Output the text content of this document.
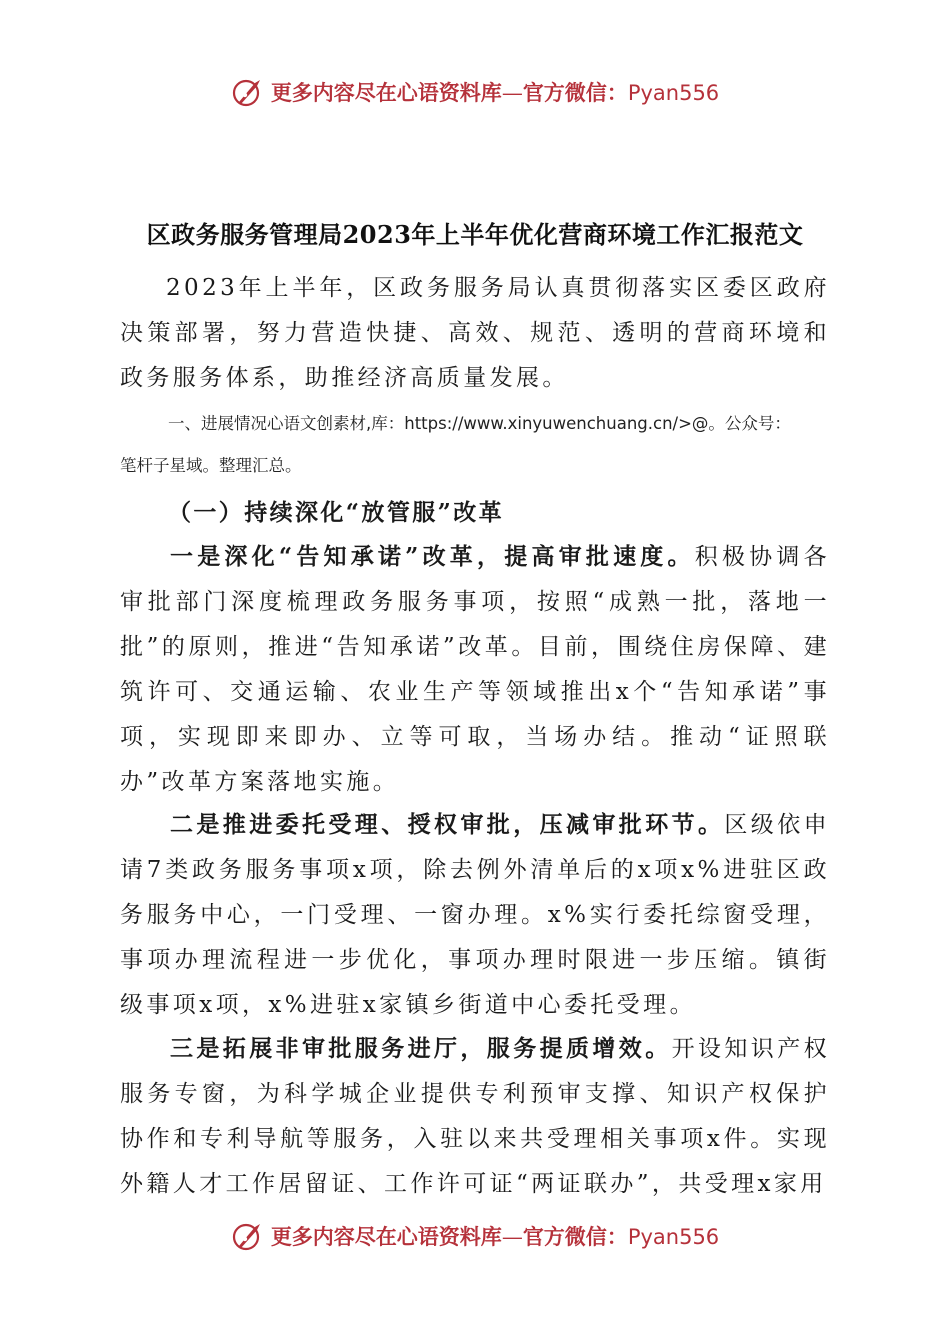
更多内容尽在心语资料库—官方微信：Pyan556
区政务服务管理局2023年上半年优化营商环境工作汇报范文

2023年上半年，区政务服务局认真贯彻落实区委区政府决策部署，努力营造快捷、高效、规范、透明的营商环境和政务服务体系，助推经济高质量发展。

一、进展情况心语文创素材,库：https://www.xinyuwenchuang.cn/>@。公众号：
笔杆子星域。整理汇总。
（一）持续深化“放管服”改革

一是深化“告知承诺”改革，提高审批速度。积极协调各审批部门深度梳理政务服务事项，按照“成熟一批，落地一批”的原则，推进“告知承诺”改革。目前，围绕住房保障、建筑许可、交通运输、农业生产等领域推出x个“告知承诺”事项，实现即来即办、立等可取，当场办结。推动“证照联办”改革方案落地实施。

二是推进委托受理、授权审批，压减审批环节。区级依申请7类政务服务事项x项，除去例外清单后的x项x%进驻区政务服务中心，一门受理、一窗办理。x%实行委托综窗受理，事项办理流程进一步优化，事项办理时限进一步压缩。镇街级事项x项，x%进驻x家镇乡街道中心委托受理。

三是拓展非审批服务进厅，服务提质增效。开设知识产权服务专窗，为科学城企业提供专利预审支撑、知识产权保护协作和专利导航等服务，入驻以来共受理相关事项x件。实现外籍人才工作居留证、工作许可证“两证联办”，共受理x家用

更多内容尽在心语资料库—官方微信：Pyan556
